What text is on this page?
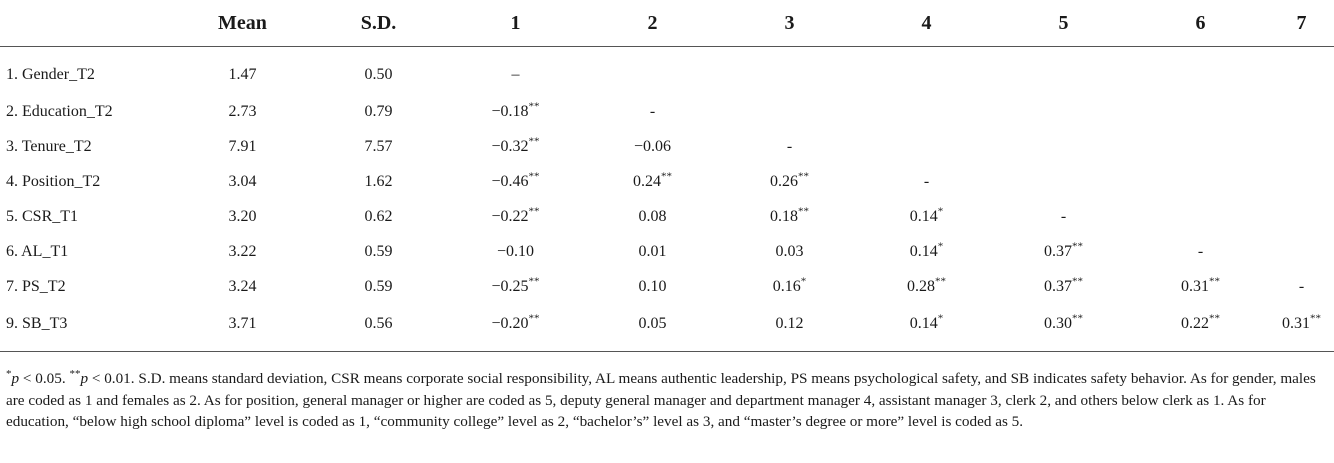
	Mean	S.D.	1	2	3	4	5	6	7
1. Gender_T2	1.47	0.50	–						
2. Education_T2	2.73	0.79	−0.18**	-					
3. Tenure_T2	7.91	7.57	−0.32**	−0.06	-				
4. Position_T2	3.04	1.62	−0.46**	0.24**	0.26**	-			
5. CSR_T1	3.20	0.62	−0.22**	0.08	0.18**	0.14*	-		
6. AL_T1	3.22	0.59	−0.10	0.01	0.03	0.14*	0.37**	-	
7. PS_T2	3.24	0.59	−0.25**	0.10	0.16*	0.28**	0.37**	0.31**	-
9. SB_T3	3.71	0.56	−0.20**	0.05	0.12	0.14*	0.30**	0.22**	0.31**
*p < 0.05. **p < 0.01. S.D. means standard deviation, CSR means corporate social responsibility, AL means authentic leadership, PS means psychological safety, and SB indicates safety behavior. As for gender, males are coded as 1 and females as 2. As for position, general manager or higher are coded as 5, deputy general manager and department manager 4, assistant manager 3, clerk 2, and others below clerk as 1. As for education, “below high school diploma” level is coded as 1, “community college” level as 2, “bachelor’s” level as 3, and “master’s degree or more” level is coded as 5.
